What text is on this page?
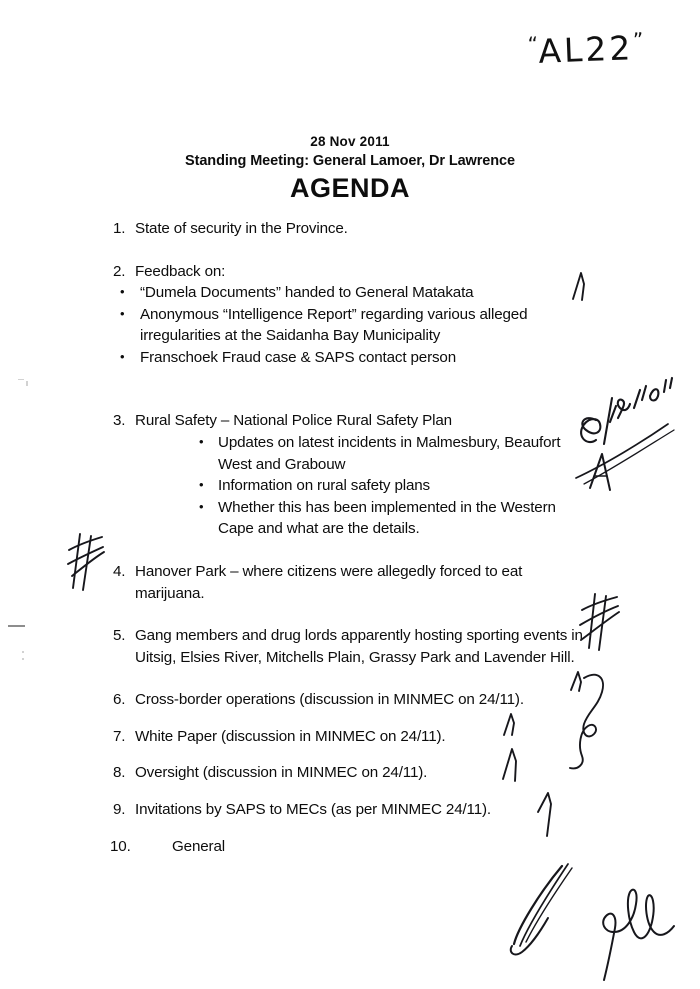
“AL22”
28 Nov 2011
Standing Meeting: General Lamoer, Dr Lawrence
AGENDA
1. State of security in the Province.
2. Feedback on:
• “Dumela Documents” handed to General Matakata
• Anonymous “Intelligence Report” regarding various alleged irregularities at the Saidanha Bay Municipality
• Franschoek Fraud case & SAPS contact person
3. Rural Safety – National Police Rural Safety Plan
• Updates on latest incidents in Malmesbury, Beaufort West and Grabouw
• Information on rural safety plans
• Whether this has been implemented in the Western Cape and what are the details.
4. Hanover Park – where citizens were allegedly forced to eat marijuana.
5. Gang members and drug lords apparently hosting sporting events in Uitsig, Elsies River, Mitchells Plain, Grassy Park and Lavender Hill.
6. Cross-border operations (discussion in MINMEC on 24/11).
7. White Paper (discussion in MINMEC on 24/11).
8. Oversight (discussion in MINMEC on 24/11).
9. Invitations by SAPS to MECs (as per MINMEC 24/11).
10.	General
